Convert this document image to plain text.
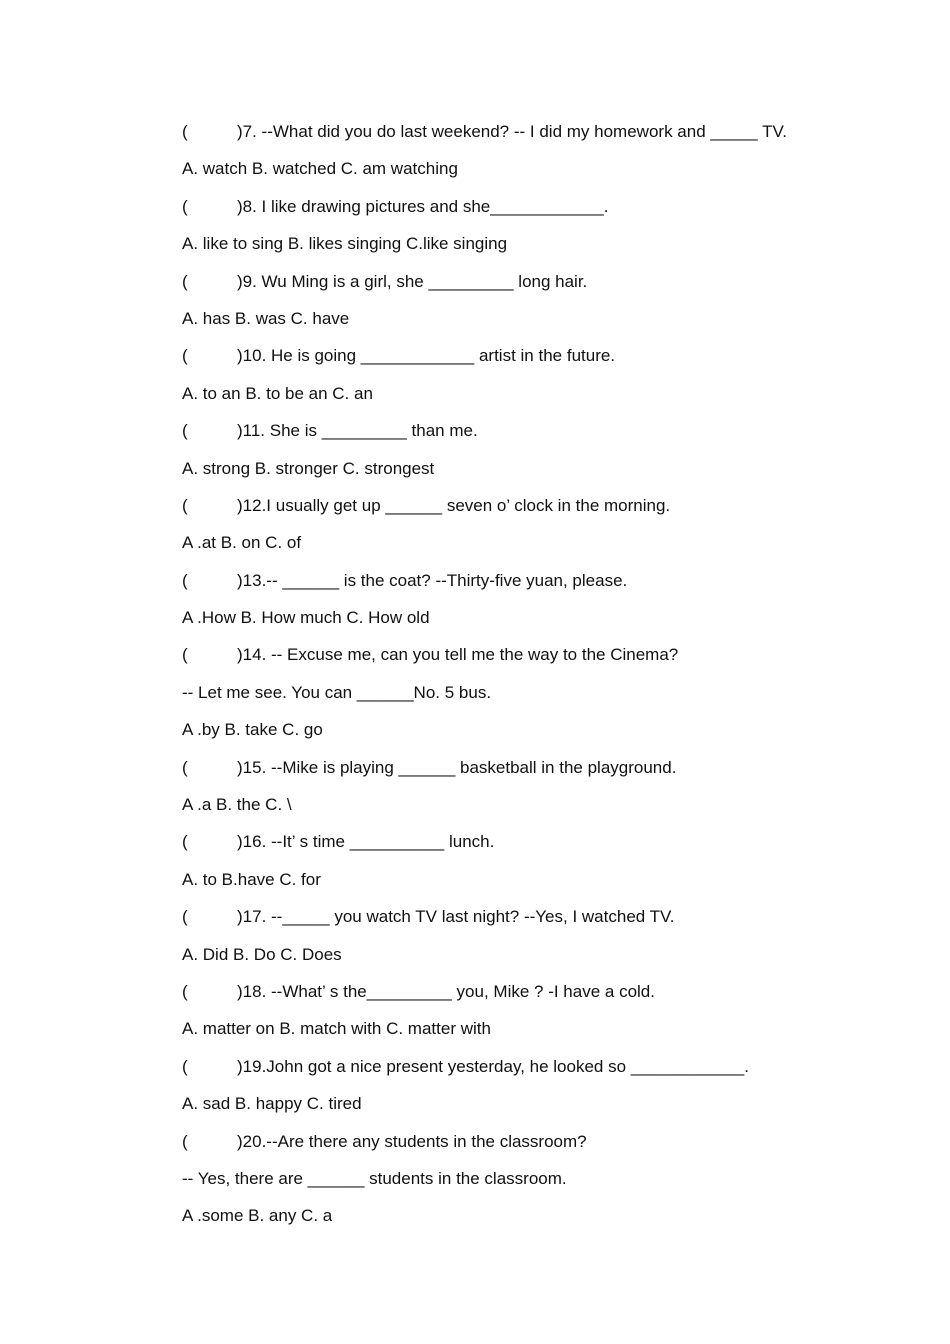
(	)7. --What did you do last weekend? -- I did my homework and _____ TV.
A. watch B. watched C. am watching
(	)8. I like drawing pictures and she____________.
A. like to sing B. likes singing C.like singing
(	)9. Wu Ming is a girl, she _________ long hair.
A. has B. was C. have
(	)10. He is going ____________ artist in the future.
A. to an B. to be an C. an
(	)11. She is _________ than me.
A. strong B. stronger C. strongest
(	)12.I usually get up ______ seven o’ clock in the morning.
A .at B. on C. of
(	)13.-- ______ is the coat? --Thirty-five yuan, please.
A .How B. How much C. How old
(	)14. -- Excuse me, can you tell me the way to the Cinema?
-- Let me see. You can ______No. 5 bus.
A .by B. take C. go
(	)15. --Mike is playing ______ basketball in the playground.
A .a B. the C. \
(	)16. --It’ s time __________ lunch.
A. to B.have C. for
(	)17. --_____ you watch TV last night? --Yes, I watched TV.
A. Did B. Do C. Does
(	)18. --What’ s the_________ you, Mike ? -I have a cold.
A. matter on B. match with C. matter with
(	)19.John got a nice present yesterday, he looked so ____________.
A. sad B. happy C. tired
(	)20.--Are there any students in the classroom?
-- Yes, there are ______ students in the classroom.
A .some B. any C. a
